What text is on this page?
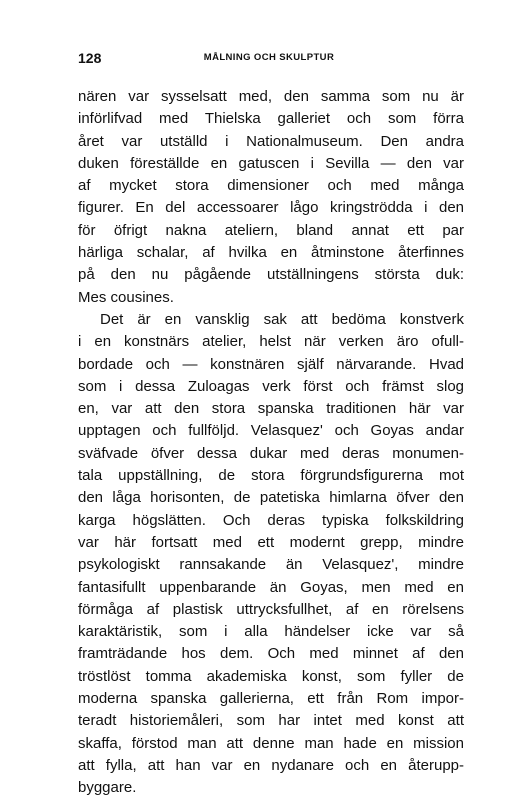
128	MÅLNING OCH SKULPTUR
nären var sysselsatt med, den samma som nu är
införlifvad med Thielska galleriet och som förra
året var utställd i Nationalmuseum. Den andra
duken föreställde en gatuscen i Sevilla — den var
af mycket stora dimensioner och med många
figurer. En del accessoarer lågo kringströdda i den
för öfrigt nakna ateliern, bland annat ett par
härliga schalar, af hvilka en åtminstone återfinnes
på den nu pågående utställningens största duk:
Mes cousines.
Det är en vansklig sak att bedöma konstverk
i en konstnärs atelier, helst när verken äro ofull-
bordade och — konstnären själf närvarande. Hvad
som i dessa Zuloagas verk först och främst slog
en, var att den stora spanska traditionen här var
upptagen och fullföljd. Velasquez' och Goyas andar
sväfvade öfver dessa dukar med deras monumen-
tala uppställning, de stora förgrundsfigurerna mot
den låga horisonten, de patetiska himlarna öfver den
karga högslätten. Och deras typiska folkskildring
var här fortsatt med ett modernt grepp, mindre
psykologiskt rannsakande än Velasquez', mindre
fantasifullt uppenbarande än Goyas, men med en
förmåga af plastisk uttrycksfullhet, af en rörelsens
karaktäristik, som i alla händelser icke var så
framträdande hos dem. Och med minnet af den
tröstlöst tomma akademiska konst, som fyller de
moderna spanska gallerierna, ett från Rom impor-
teradt historiemåleri, som har intet med konst att
skaffa, förstod man att denne man hade en mission
att fylla, att han var en nydanare och en återupp-
byggare.
